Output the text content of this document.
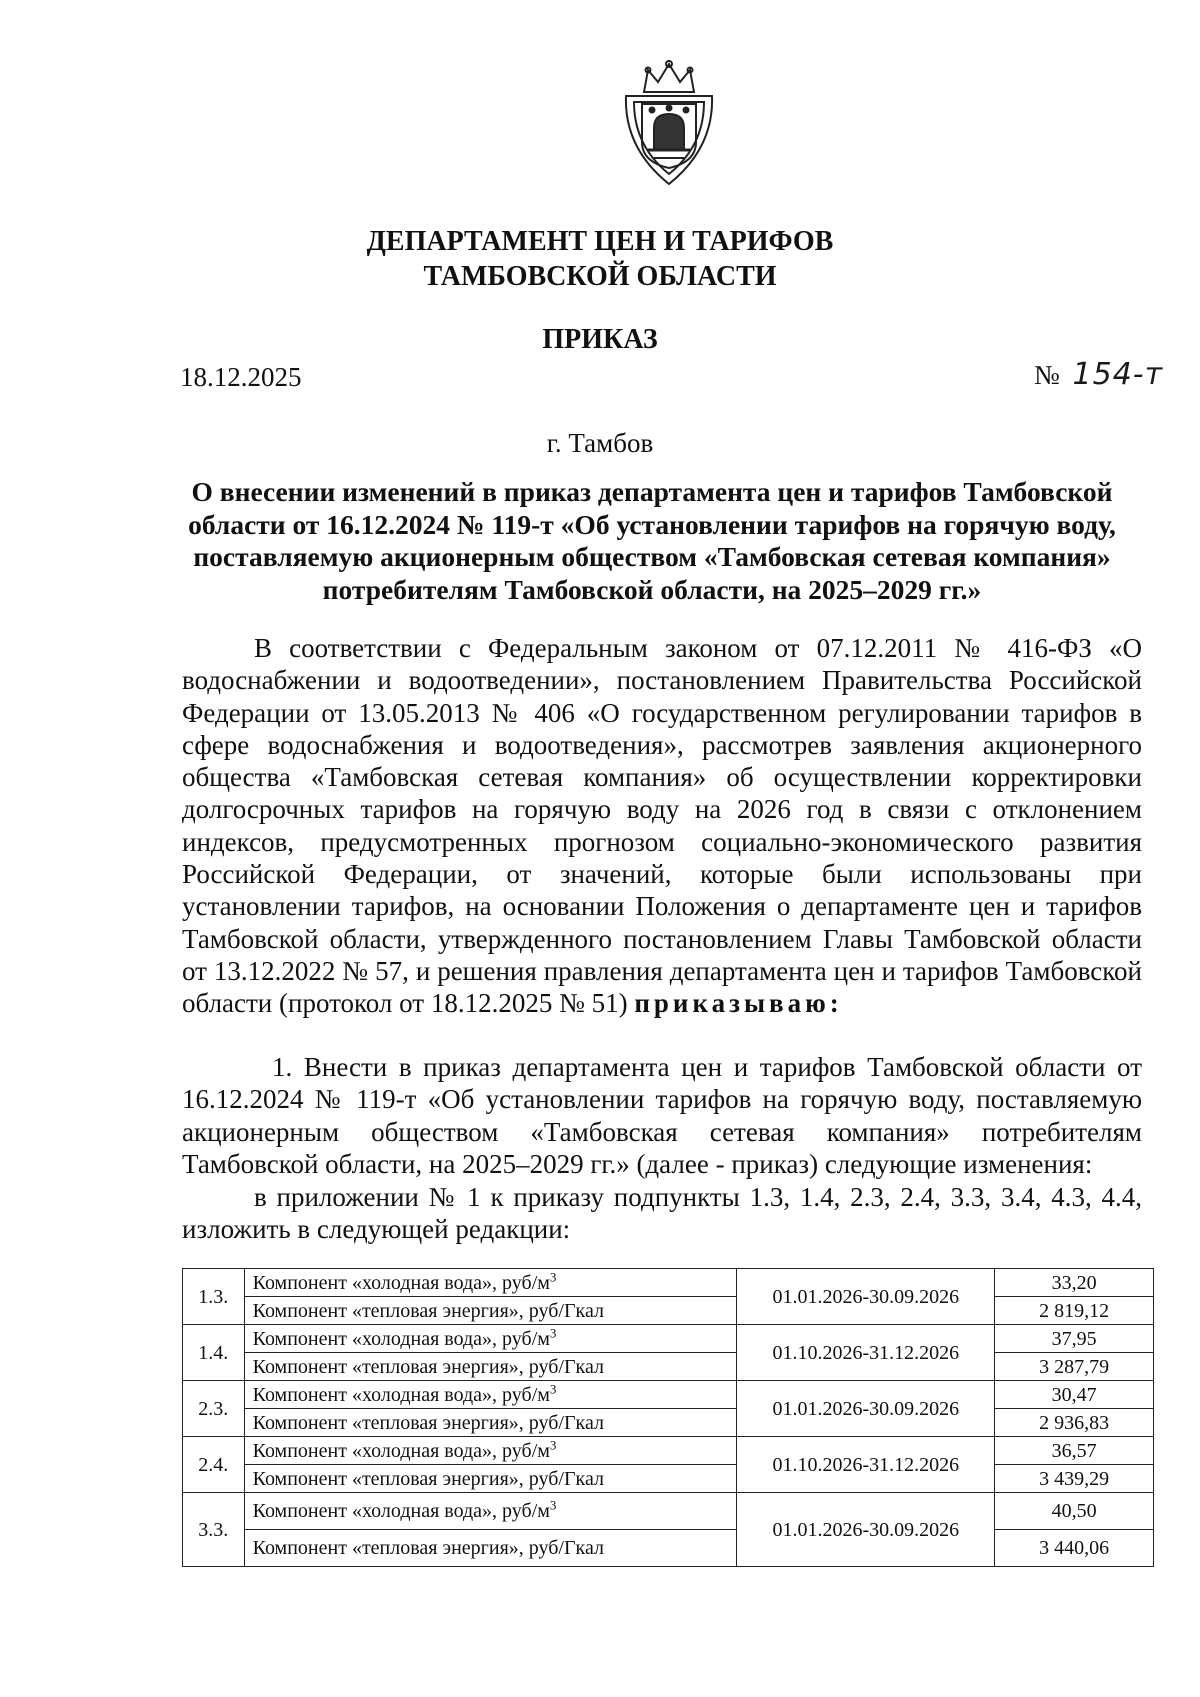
ДЕПАРТАМЕНТ ЦЕН И ТАРИФОВ
ТАМБОВСКОЙ ОБЛАСТИ
ПРИКАЗ
18.12.2025	№ 154-т
г. Тамбов
О внесении изменений в приказ департамента цен и тарифов Тамбовской области от 16.12.2024 № 119-т «Об установлении тарифов на горячую воду, поставляемую акционерным обществом «Тамбовская сетевая компания» потребителям Тамбовской области, на 2025–2029 гг.»
В соответствии с Федеральным законом от 07.12.2011 № 416-ФЗ «О водоснабжении и водоотведении», постановлением Правительства Российской Федерации от 13.05.2013 № 406 «О государственном регулировании тарифов в сфере водоснабжения и водоотведения», рассмотрев заявления акционерного общества «Тамбовская сетевая компания» об осуществлении корректировки долгосрочных тарифов на горячую воду на 2026 год в связи с отклонением индексов, предусмотренных прогнозом социально-экономического развития Российской Федерации, от значений, которые были использованы при установлении тарифов, на основании Положения о департаменте цен и тарифов Тамбовской области, утвержденного постановлением Главы Тамбовской области от 13.12.2022 № 57, и решения правления департамента цен и тарифов Тамбовской области (протокол от 18.12.2025 № 51) приказываю:
1. Внести в приказ департамента цен и тарифов Тамбовской области от 16.12.2024 № 119-т «Об установлении тарифов на горячую воду, поставляемую акционерным обществом «Тамбовская сетевая компания» потребителям Тамбовской области, на 2025–2029 гг.» (далее - приказ) следующие изменения:
в приложении № 1 к приказу подпункты 1.3, 1.4, 2.3, 2.4, 3.3, 3.4, 4.3, 4.4, изложить в следующей редакции:
1.3.	Компонент «холодная вода», руб/$м^3$	01.01.2026-30.09.2026	33,20
	Компонент «тепловая энергия», руб/Гкал		2 819,12
1.4.	Компонент «холодная вода», руб/$м^3$	01.10.2026-31.12.2026	37,95
	Компонент «тепловая энергия», руб/Гкал		3 287,79
2.3.	Компонент «холодная вода», руб/$м^3$	01.01.2026-30.09.2026	30,47
	Компонент «тепловая энергия», руб/Гкал		2 936,83
2.4.	Компонент «холодная вода», руб/$м^3$	01.10.2026-31.12.2026	36,57
	Компонент «тепловая энергия», руб/Гкал		3 439,29
3.3.	Компонент «холодная вода», руб/$м^3$	01.01.2026-30.09.2026	40,50
	Компонент «тепловая энергия», руб/Гкал		3 440,06
